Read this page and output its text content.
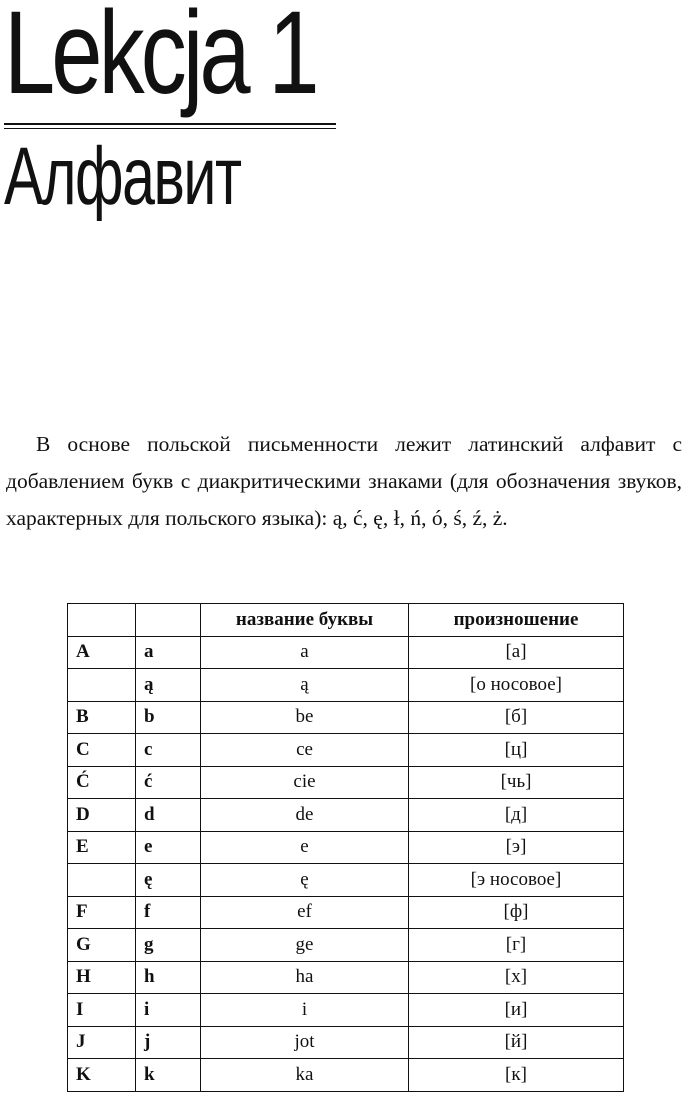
Lekcja 1
Алфавит

В основе польской письменности лежит латинский алфавит с добавлением букв с диакритическими знаками (для обозначения звуков, характерных для польского языка): ą, ć, ę, ł, ń, ó, ś, ź, ż.

		название буквы	произношение
A	a	a	[a]
	ą	ą	[о носовое]
B	b	be	[б]
C	c	ce	[ц]
Ć	ć	cie	[чь]
D	d	de	[д]
E	e	e	[э]
	ę	ę	[э носовое]
F	f	ef	[ф]
G	g	ge	[г]
H	h	ha	[х]
I	i	i	[и]
J	j	jot	[й]
K	k	ka	[к]
